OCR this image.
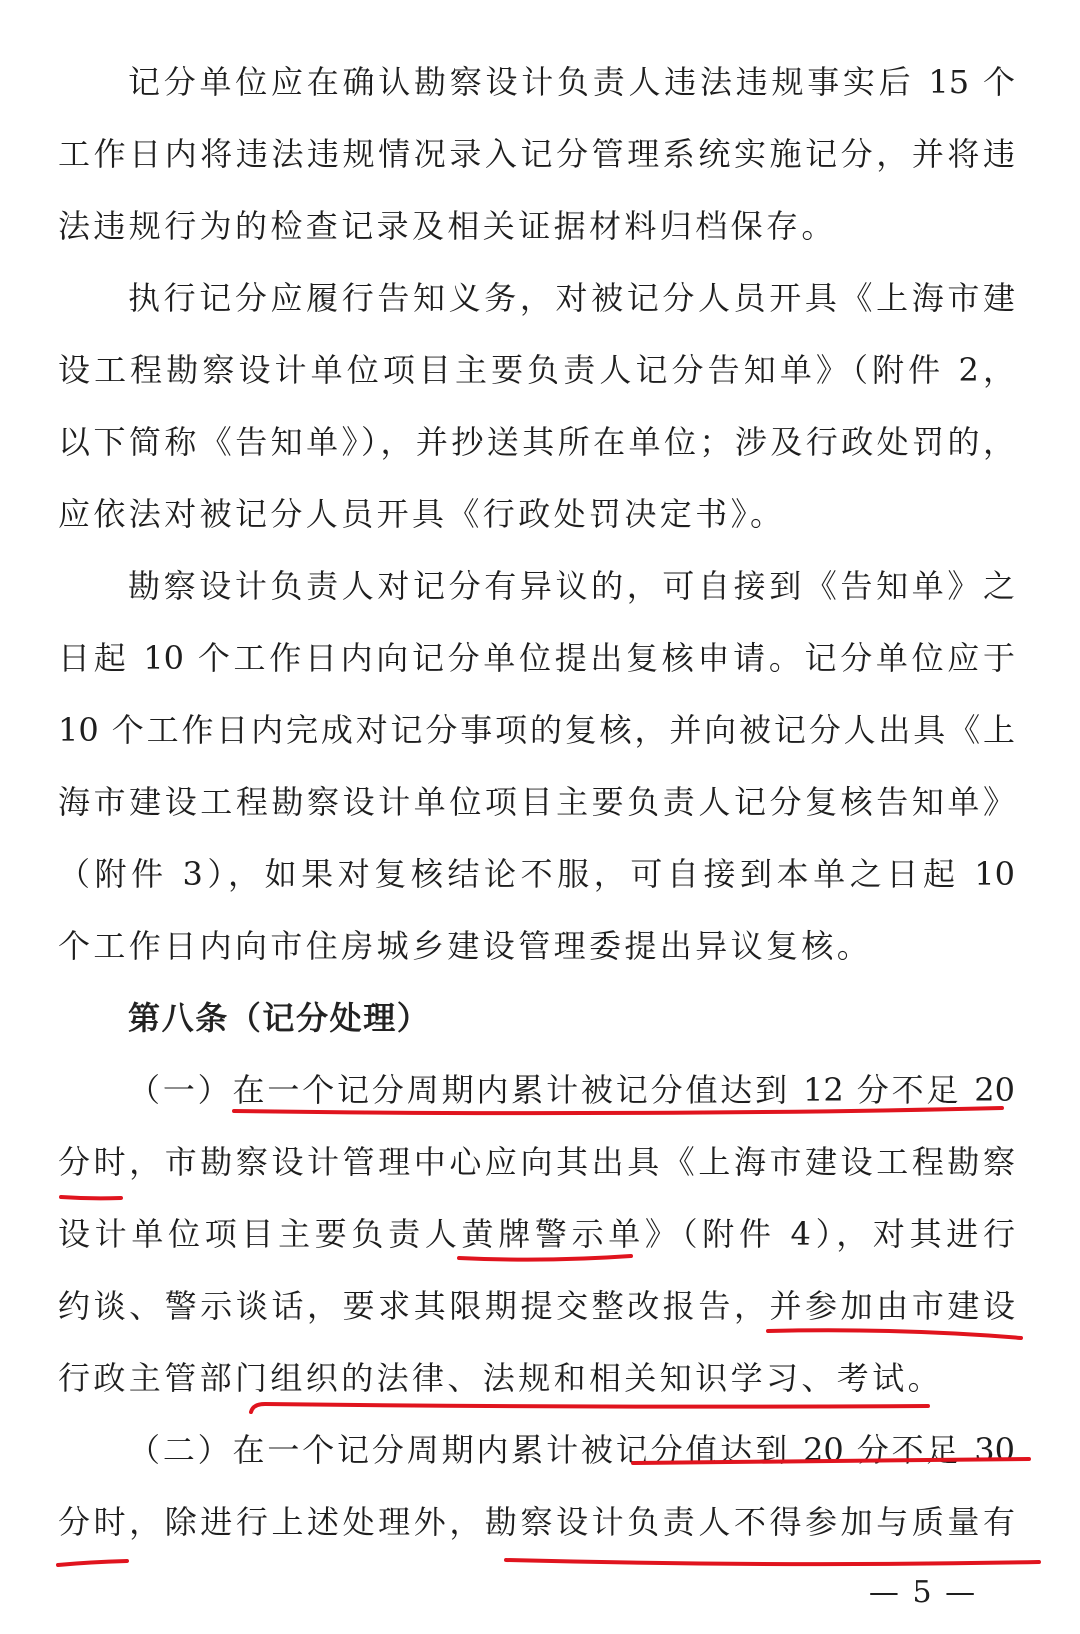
记分单位应在确认勘察设计负责人违法违规事实后 15 个
工作日内将违法违规情况录入记分管理系统实施记分，并将违
法违规行为的检查记录及相关证据材料归档保存。
执行记分应履行告知义务，对被记分人员开具《上海市建
设工程勘察设计单位项目主要负责人记分告知单》（附件 2，
以下简称《告知单》），并抄送其所在单位；涉及行政处罚的，
应依法对被记分人员开具《行政处罚决定书》。
勘察设计负责人对记分有异议的，可自接到《告知单》之
日起 10 个工作日内向记分单位提出复核申请。记分单位应于
10 个工作日内完成对记分事项的复核，并向被记分人出具《上
海市建设工程勘察设计单位项目主要负责人记分复核告知单》
（附件 3），如果对复核结论不服，可自接到本单之日起 10
个工作日内向市住房城乡建设管理委提出异议复核。
第八条（记分处理）
（一）在一个记分周期内累计被记分值达到 12 分不足 20
分时，市勘察设计管理中心应向其出具《上海市建设工程勘察
设计单位项目主要负责人黄牌警示单》（附件 4），对其进行
约谈、警示谈话，要求其限期提交整改报告，并参加由市建设
行政主管部门组织的法律、法规和相关知识学习、考试。
（二）在一个记分周期内累计被记分值达到 20 分不足 30
分时，除进行上述处理外，勘察设计负责人不得参加与质量有
— 5 —
